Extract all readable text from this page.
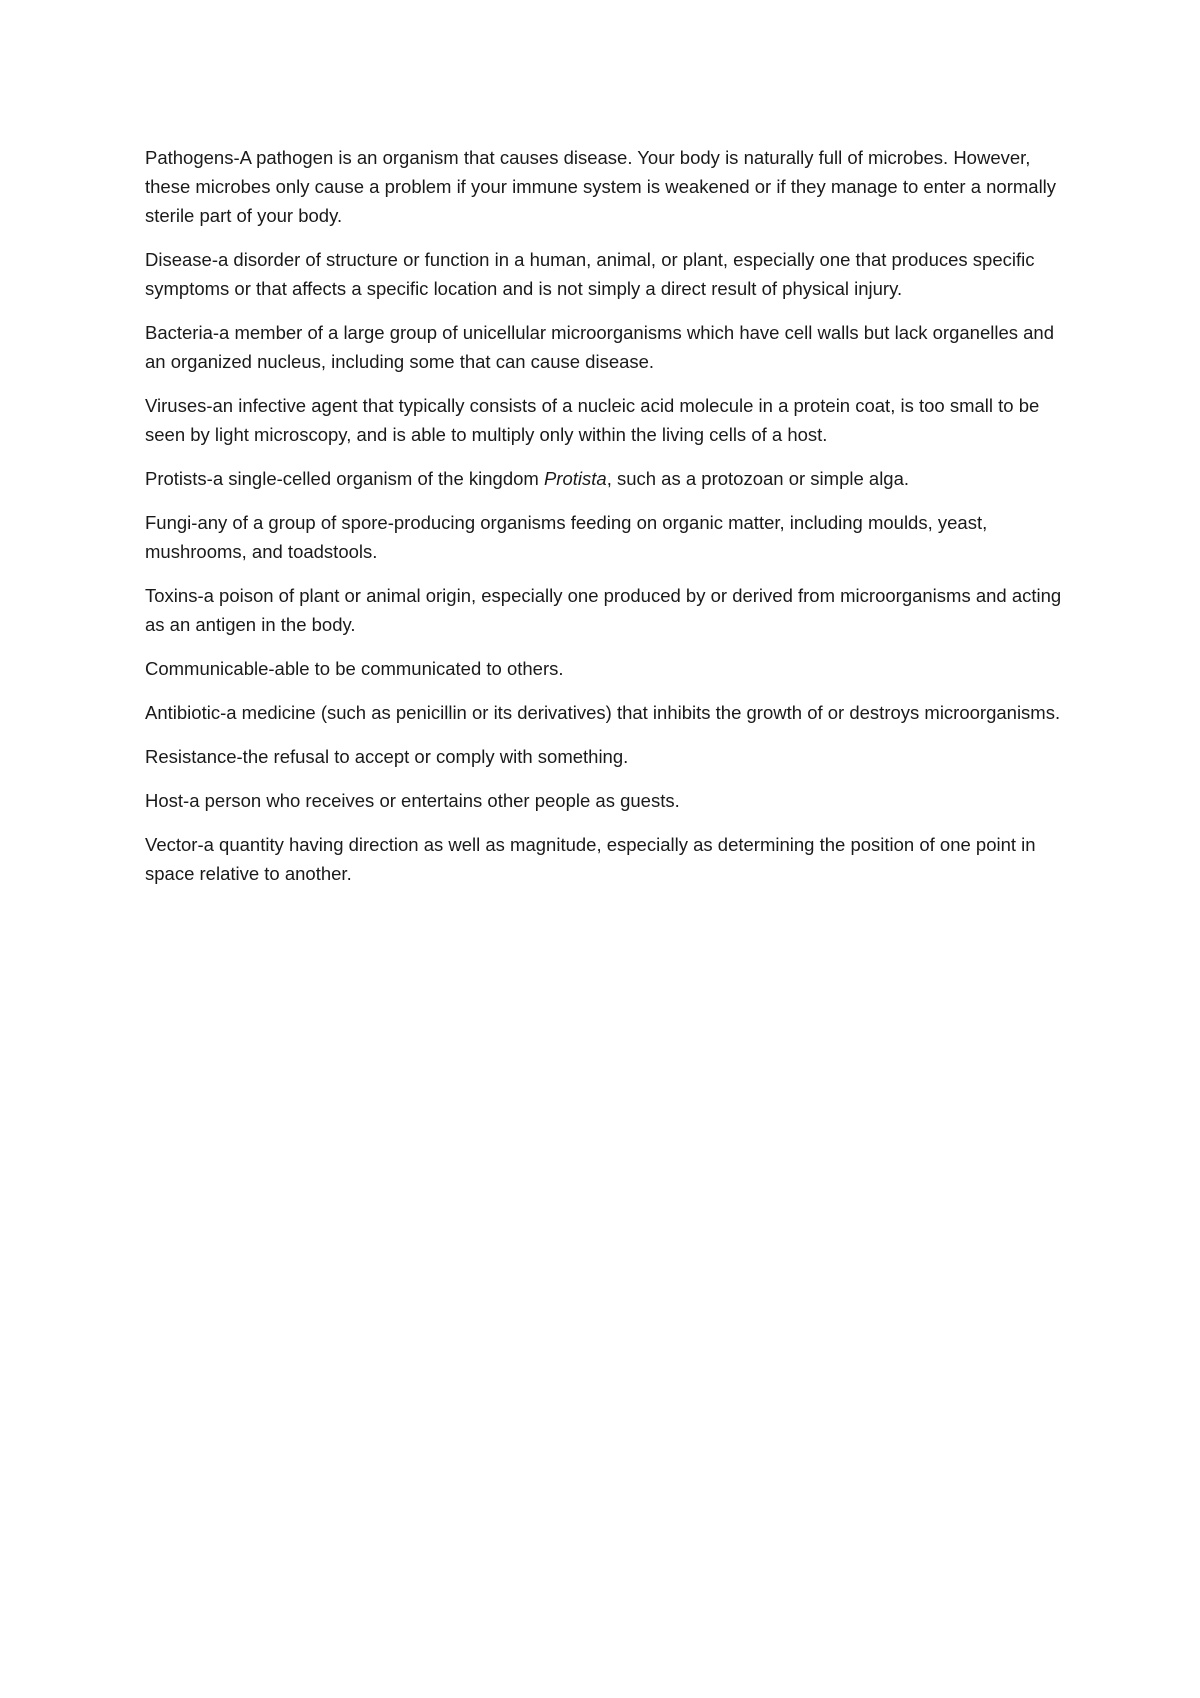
Pathogens-A pathogen is an organism that causes disease. Your body is naturally full of microbes. However, these microbes only cause a problem if your immune system is weakened or if they manage to enter a normally sterile part of your body.

Disease-a disorder of structure or function in a human, animal, or plant, especially one that produces specific symptoms or that affects a specific location and is not simply a direct result of physical injury.

Bacteria-a member of a large group of unicellular microorganisms which have cell walls but lack organelles and an organized nucleus, including some that can cause disease.

Viruses-an infective agent that typically consists of a nucleic acid molecule in a protein coat, is too small to be seen by light microscopy, and is able to multiply only within the living cells of a host.

Protists-a single-celled organism of the kingdom Protista, such as a protozoan or simple alga.

Fungi-any of a group of spore-producing organisms feeding on organic matter, including moulds, yeast, mushrooms, and toadstools.

Toxins-a poison of plant or animal origin, especially one produced by or derived from microorganisms and acting as an antigen in the body.

Communicable-able to be communicated to others.

Antibiotic-a medicine (such as penicillin or its derivatives) that inhibits the growth of or destroys microorganisms.

Resistance-the refusal to accept or comply with something.

Host-a person who receives or entertains other people as guests.

Vector-a quantity having direction as well as magnitude, especially as determining the position of one point in space relative to another.
